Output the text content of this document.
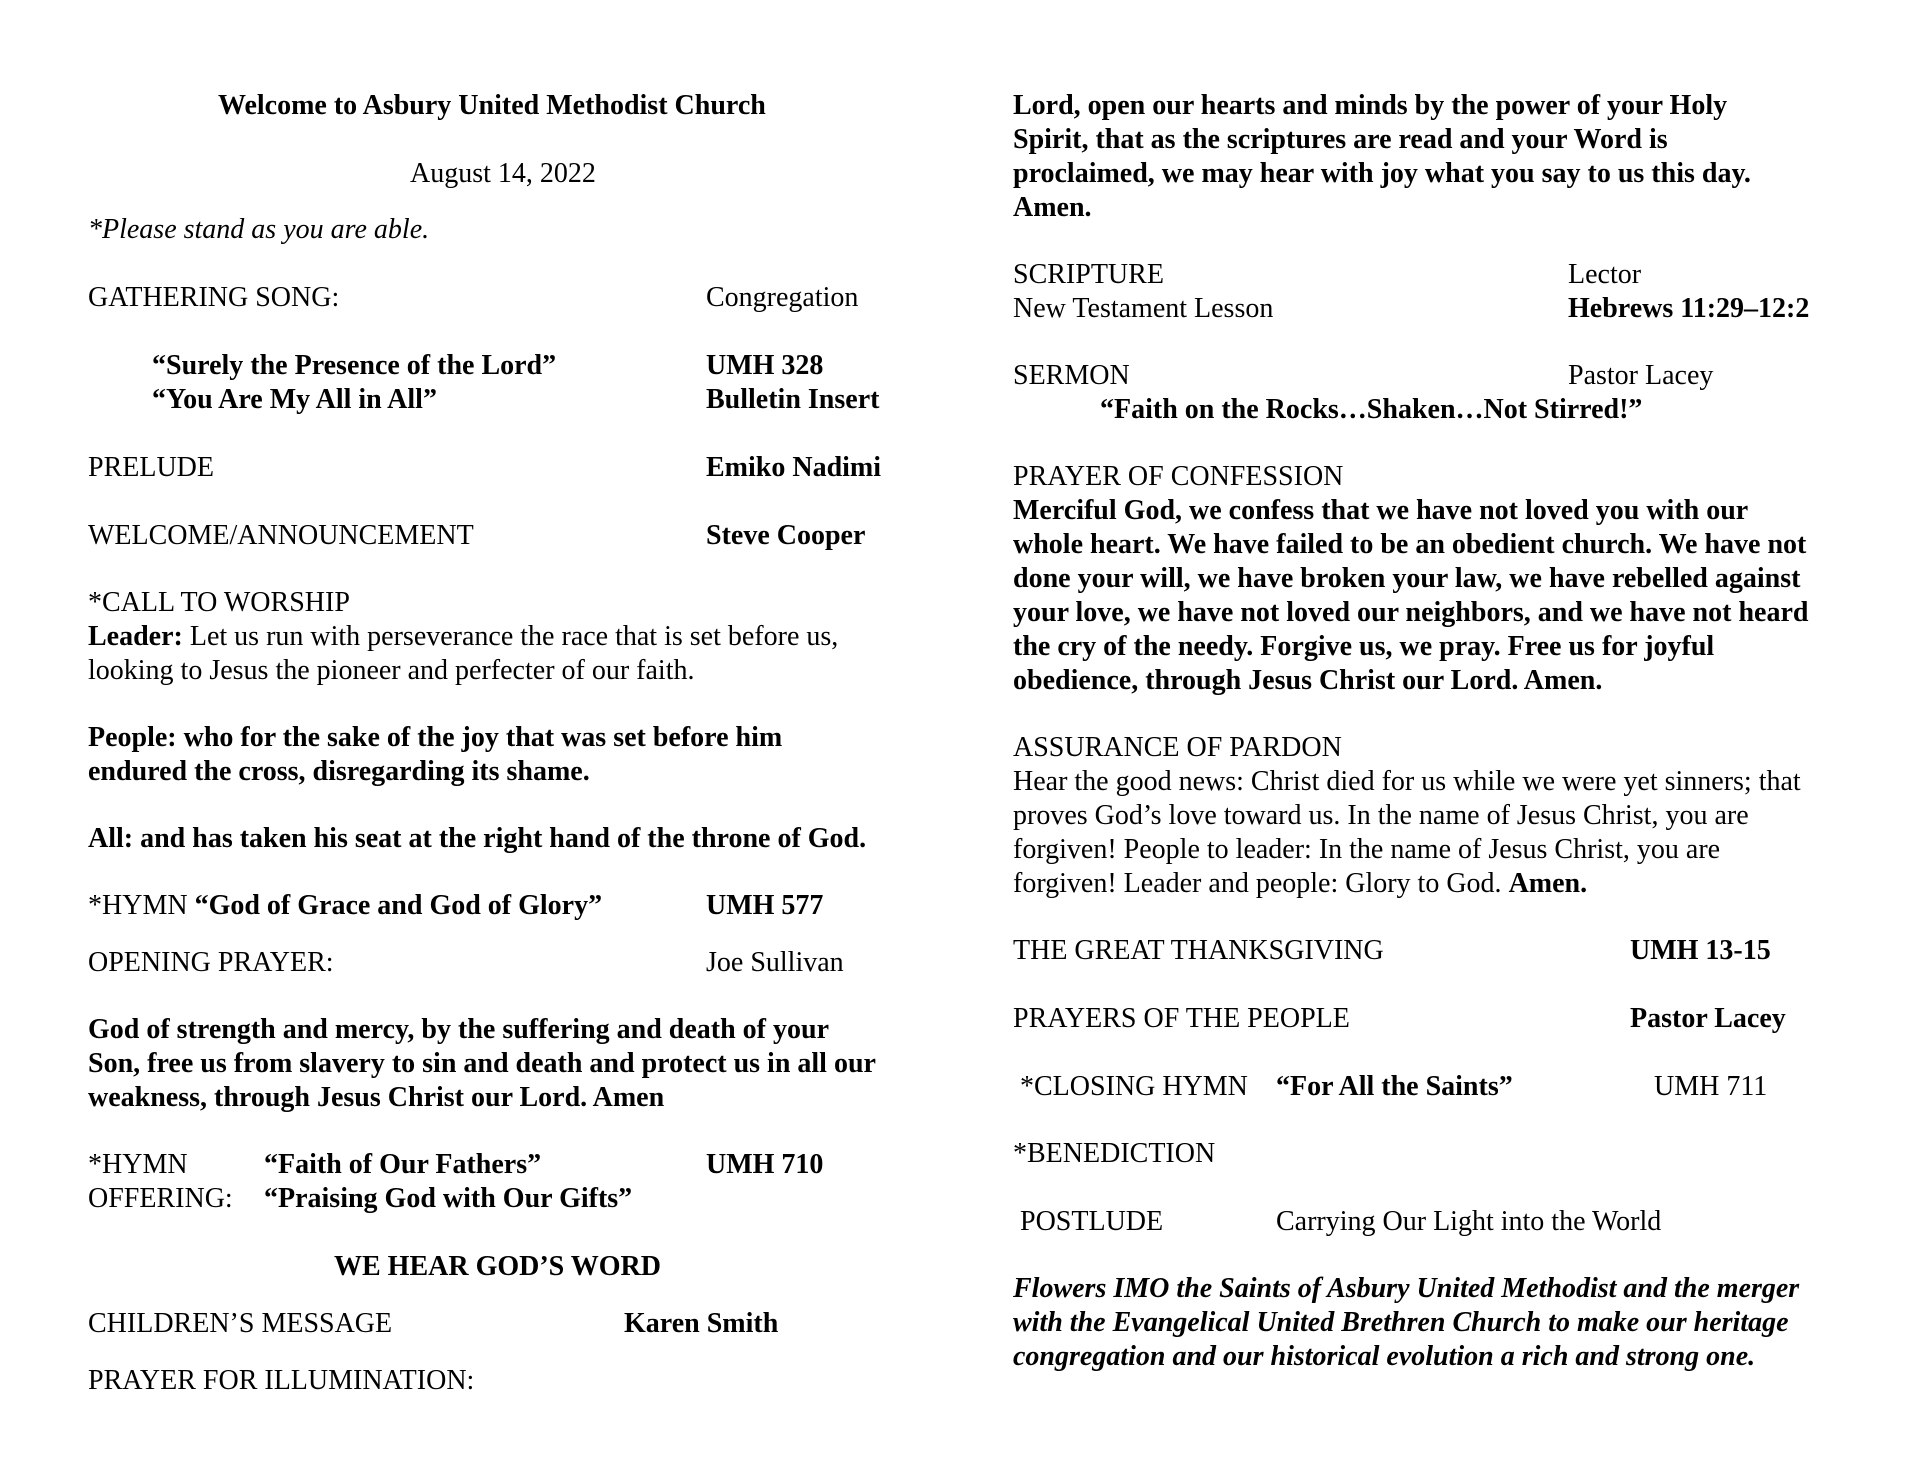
Welcome to Asbury United Methodist Church
August 14, 2022
*Please stand as you are able.
GATHERING SONG:	Congregation
“Surely the Presence of the Lord”	UMH 328
“You Are My All in All”	Bulletin Insert
PRELUDE	Emiko Nadimi
WELCOME/ANNOUNCEMENT	Steve Cooper
*CALL TO WORSHIP
Leader: Let us run with perseverance the race that is set before us,
looking to Jesus the pioneer and perfecter of our faith.
People: who for the sake of the joy that was set before him
endured the cross, disregarding its shame.
All: and has taken his seat at the right hand of the throne of God.
*HYMN “God of Grace and God of Glory”	UMH 577
OPENING PRAYER:	Joe Sullivan
God of strength and mercy, by the suffering and death of your
Son, free us from slavery to sin and death and protect us in all our
weakness, through Jesus Christ our Lord. Amen
*HYMN	“Faith of Our Fathers”	UMH 710
OFFERING: “Praising God with Our Gifts”
WE HEAR GOD’S WORD
CHILDREN’S MESSAGE	Karen Smith
PRAYER FOR ILLUMINATION:
Lord, open our hearts and minds by the power of your Holy
Spirit, that as the scriptures are read and your Word is
proclaimed, we may hear with joy what you say to us this day.
Amen.
SCRIPTURE	Lector
New Testament Lesson	Hebrews 11:29–12:2
SERMON	Pastor Lacey
“Faith on the Rocks…Shaken…Not Stirred!”
PRAYER OF CONFESSION
Merciful God, we confess that we have not loved you with our
whole heart. We have failed to be an obedient church. We have not
done your will, we have broken your law, we have rebelled against
your love, we have not loved our neighbors, and we have not heard
the cry of the needy. Forgive us, we pray. Free us for joyful
obedience, through Jesus Christ our Lord. Amen.
ASSURANCE OF PARDON
Hear the good news: Christ died for us while we were yet sinners; that
proves God’s love toward us. In the name of Jesus Christ, you are
forgiven! People to leader: In the name of Jesus Christ, you are
forgiven! Leader and people: Glory to God. Amen.
THE GREAT THANKSGIVING	UMH 13-15
PRAYERS OF THE PEOPLE	Pastor Lacey
*CLOSING HYMN “For All the Saints”	UMH 711
*BENEDICTION
POSTLUDE	Carrying Our Light into the World
Flowers IMO the Saints of Asbury United Methodist and the merger
with the Evangelical United Brethren Church to make our heritage
congregation and our historical evolution a rich and strong one.
